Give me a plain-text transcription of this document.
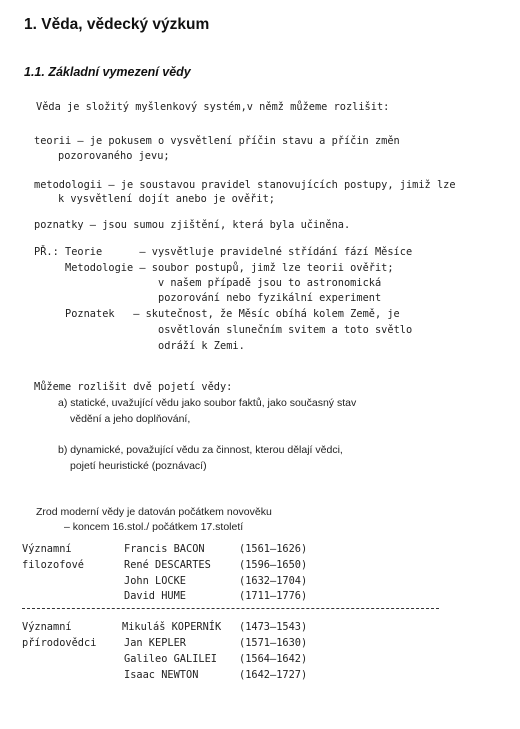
1. Věda, vědecký výzkum
1.1. Základní vymezení vědy
Věda je složitý myšlenkový systém,v němž můžeme rozlišit:
teorii – je pokusem o vysvětlení příčin stavu a příčin změn
pozorovaného jevu;
metodologii – je soustavou pravidel stanovujících postupy, jimiž lze
k vysvětlení dojít anebo je ověřit;
poznatky – jsou sumou zjištění, která byla učiněna.
PŘ.: Teorie      – vysvětluje pravidelné střídání fází Měsíce
Metodologie – soubor postupů, jimž lze teorii ověřit;
v našem případě jsou to astronomická
pozorování nebo fyzikální experiment
Poznatek   – skutečnost, že Měsíc obíhá kolem Země, je
osvětlován slunečním svitem a toto světlo
odráží k Zemi.
Můžeme rozlišit dvě pojetí vědy:
a) statické, uvažující vědu jako soubor faktů, jako současný stav
vědění a jeho doplňování,
b) dynamické, považující vědu za činnost, kterou dělají vědci,
pojetí heuristické (poznávací)
Zrod moderní vědy je datován počátkem novověku
– koncem 16.stol./ počátkem 17.století
Významní
filozofové
Francis BACON	(1561–1626)
René DESCARTES	(1596–1650)
John LOCKE	(1632–1704)
David HUME	(1711–1776)
Významní
přírodovědci
Mikuláš KOPERNÍK (1473–1543)
Jan KEPLER	(1571–1630)
Galileo GALILEI (1564–1642)
Isaac NEWTON	(1642–1727)
